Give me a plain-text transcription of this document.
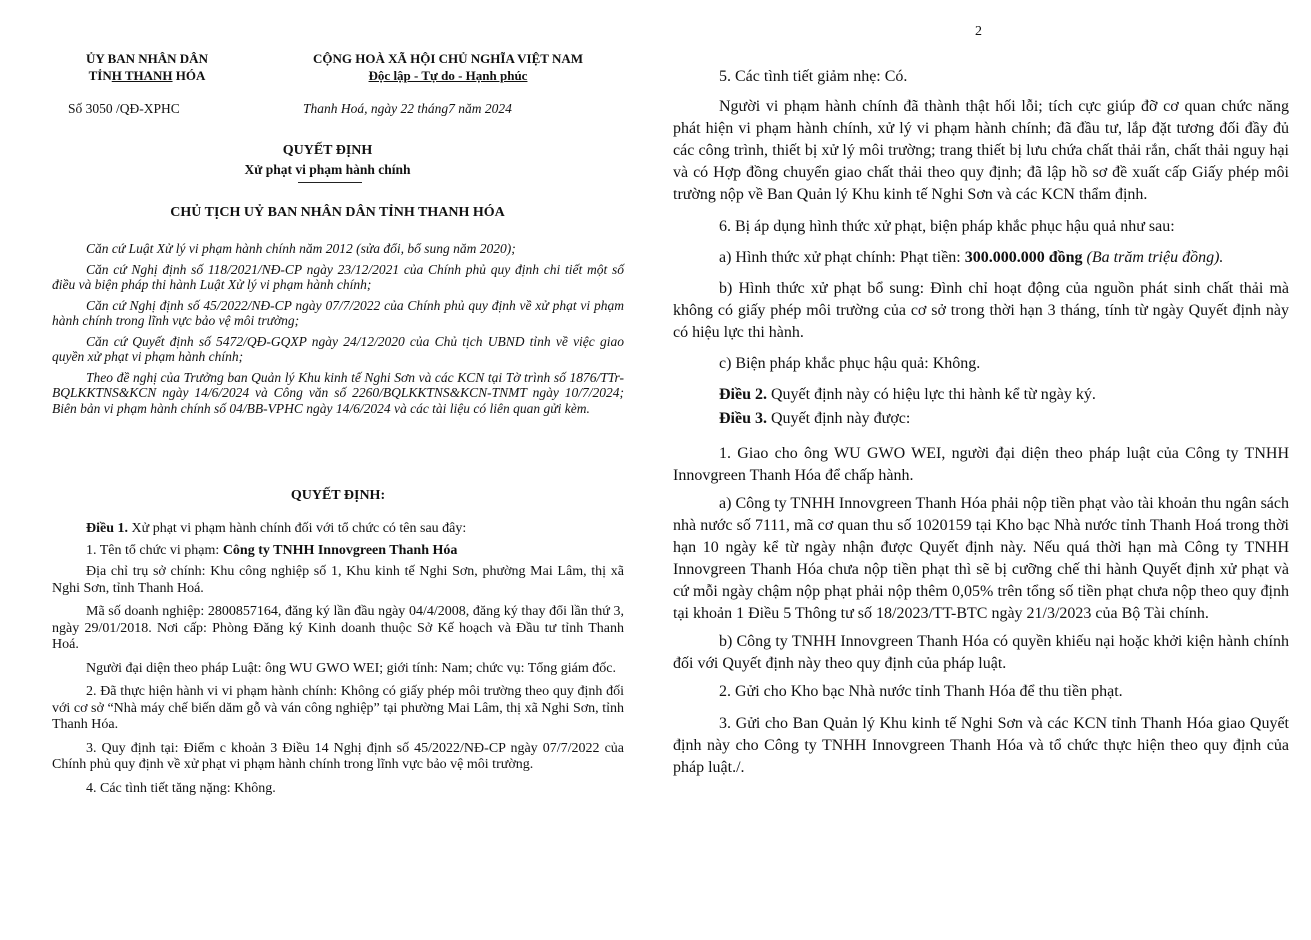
ỦY BAN NHÂN DÂN
TỈNH THANH HÓA
CỘNG HOÀ XÃ HỘI CHỦ NGHĨA VIỆT NAM
Độc lập - Tự do - Hạnh phúc
Số 3050 /QĐ-XPHC	Thanh Hoá, ngày 22 tháng7 năm 2024
QUYẾT ĐỊNH
Xử phạt vi phạm hành chính
CHỦ TỊCH UỶ BAN NHÂN DÂN TỈNH THANH HÓA

Căn cứ Luật Xử lý vi phạm hành chính năm 2012 (sửa đổi, bổ sung năm 2020);

Căn cứ Nghị định số 118/2021/NĐ-CP ngày 23/12/2021 của Chính phủ quy định chi tiết một số điều và biện pháp thi hành Luật Xử lý vi phạm hành chính;

Căn cứ Nghị định số 45/2022/NĐ-CP ngày 07/7/2022 của Chính phủ quy định về xử phạt vi phạm hành chính trong lĩnh vực bảo vệ môi trường;

Căn cứ Quyết định số 5472/QĐ-GQXP ngày 24/12/2020 của Chủ tịch UBND tỉnh về việc giao quyền xử phạt vi phạm hành chính;

Theo đề nghị của Trưởng ban Quản lý Khu kinh tế Nghi Sơn và các KCN tại Tờ trình số 1876/TTr-BQLKKTNS&KCN ngày 14/6/2024 và Công văn số 2260/BQLKKTNS&KCN-TNMT ngày 10/7/2024; Biên bản vi phạm hành chính số 04/BB-VPHC ngày 14/6/2024 và các tài liệu có liên quan gửi kèm.

QUYẾT ĐỊNH:

Điều 1. Xử phạt vi phạm hành chính đối với tổ chức có tên sau đây:

1. Tên tổ chức vi phạm: Công ty TNHH Innovgreen Thanh Hóa

Địa chỉ trụ sở chính: Khu công nghiệp số 1, Khu kinh tế Nghi Sơn, phường Mai Lâm, thị xã Nghi Sơn, tỉnh Thanh Hoá.

Mã số doanh nghiệp: 2800857164, đăng ký lần đầu ngày 04/4/2008, đăng ký thay đổi lần thứ 3, ngày 29/01/2018. Nơi cấp: Phòng Đăng ký Kinh doanh thuộc Sở Kế hoạch và Đầu tư tỉnh Thanh Hoá.

Người đại diện theo pháp Luật: ông WU GWO WEI; giới tính: Nam; chức vụ: Tổng giám đốc.

2. Đã thực hiện hành vi vi phạm hành chính: Không có giấy phép môi trường theo quy định đối với cơ sở “Nhà máy chế biến dăm gỗ và ván công nghiệp” tại phường Mai Lâm, thị xã Nghi Sơn, tỉnh Thanh Hóa.

3. Quy định tại: Điểm c khoản 3 Điều 14 Nghị định số 45/2022/NĐ-CP ngày 07/7/2022 của Chính phủ quy định về xử phạt vi phạm hành chính trong lĩnh vực bảo vệ môi trường.

4. Các tình tiết tăng nặng: Không.

2

5. Các tình tiết giảm nhẹ: Có.

Người vi phạm hành chính đã thành thật hối lỗi; tích cực giúp đỡ cơ quan chức năng phát hiện vi phạm hành chính, xử lý vi phạm hành chính; đã đầu tư, lắp đặt tương đối đầy đủ các công trình, thiết bị xử lý môi trường; trang thiết bị lưu chứa chất thải rắn, chất thải nguy hại và có Hợp đồng chuyển giao chất thải theo quy định; đã lập hồ sơ đề xuất cấp Giấy phép môi trường nộp về Ban Quản lý Khu kinh tế Nghi Sơn và các KCN thẩm định.

6. Bị áp dụng hình thức xử phạt, biện pháp khắc phục hậu quả như sau:

a) Hình thức xử phạt chính: Phạt tiền: 300.000.000 đồng (Ba trăm triệu đồng).

b) Hình thức xử phạt bổ sung: Đình chỉ hoạt động của nguồn phát sinh chất thải mà không có giấy phép môi trường của cơ sở trong thời hạn 3 tháng, tính từ ngày Quyết định này có hiệu lực thi hành.

c) Biện pháp khắc phục hậu quả: Không.

Điều 2. Quyết định này có hiệu lực thi hành kể từ ngày ký.

Điều 3. Quyết định này được:

1. Giao cho ông WU GWO WEI, người đại diện theo pháp luật của Công ty TNHH Innovgreen Thanh Hóa để chấp hành.

a) Công ty TNHH Innovgreen Thanh Hóa phải nộp tiền phạt vào tài khoản thu ngân sách nhà nước số 7111, mã cơ quan thu số 1020159 tại Kho bạc Nhà nước tỉnh Thanh Hoá trong thời hạn 10 ngày kể từ ngày nhận được Quyết định này. Nếu quá thời hạn mà Công ty TNHH Innovgreen Thanh Hóa chưa nộp tiền phạt thì sẽ bị cưỡng chế thi hành Quyết định xử phạt và cứ mỗi ngày chậm nộp phạt phải nộp thêm 0,05% trên tổng số tiền phạt chưa nộp theo quy định tại khoản 1 Điều 5 Thông tư số 18/2023/TT-BTC ngày 21/3/2023 của Bộ Tài chính.

b) Công ty TNHH Innovgreen Thanh Hóa có quyền khiếu nại hoặc khởi kiện hành chính đối với Quyết định này theo quy định của pháp luật.

2. Gửi cho Kho bạc Nhà nước tỉnh Thanh Hóa để thu tiền phạt.

3. Gửi cho Ban Quản lý Khu kinh tế Nghi Sơn và các KCN tỉnh Thanh Hóa giao Quyết định này cho Công ty TNHH Innovgreen Thanh Hóa và tổ chức thực hiện theo quy định của pháp luật./.
